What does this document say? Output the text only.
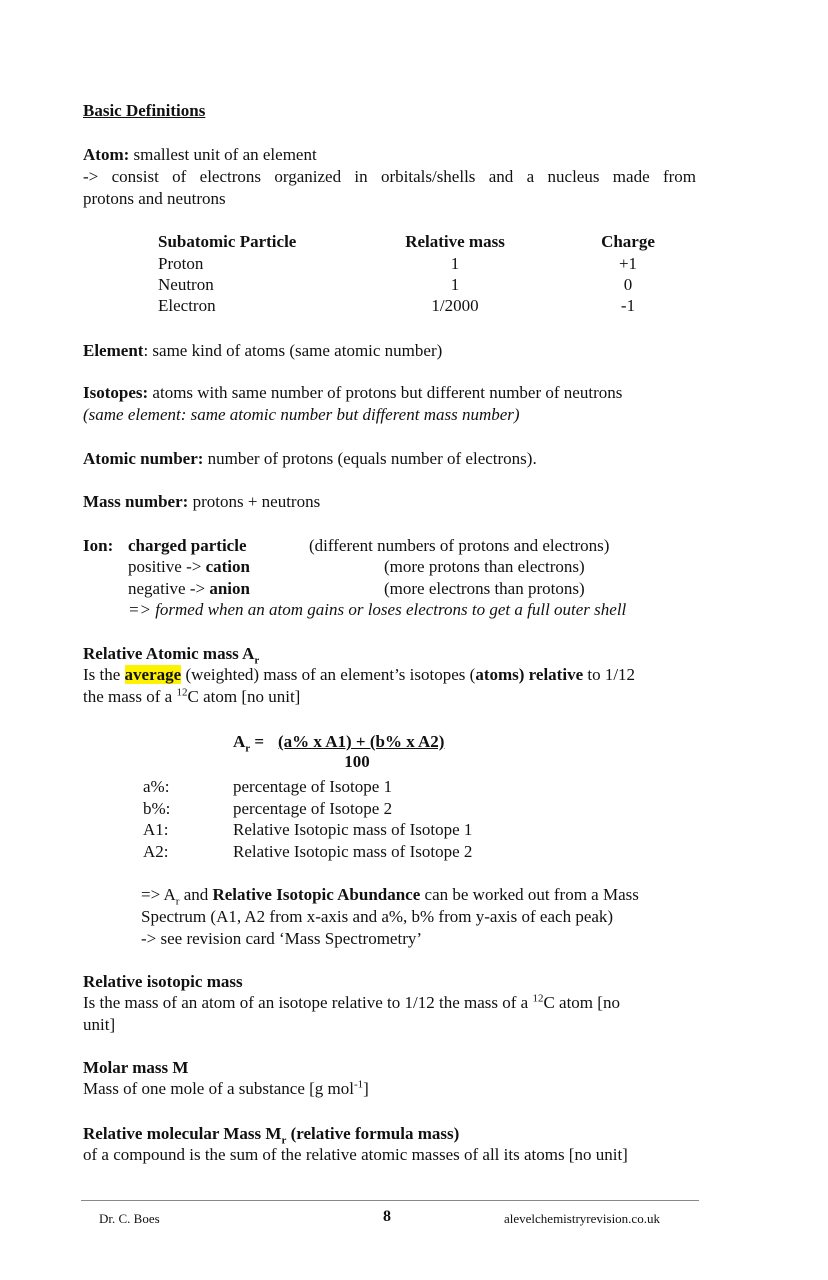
Basic Definitions
Atom: smallest unit of an element
-> consist of electrons organized in orbitals/shells and a nucleus made from
protons and neutrons
Subatomic Particle	Relative mass	Charge
Proton	1	+1
Neutron	1	0
Electron	1/2000	-1
Element: same kind of atoms (same atomic number)
Isotopes: atoms with same number of protons but different number of neutrons
(same element: same atomic number but different mass number)
Atomic number: number of protons (equals number of electrons).
Mass number: protons + neutrons
Ion: charged particle	(different numbers of protons and electrons)
positive -> cation	(more protons than electrons)
negative -> anion	(more electrons than protons)
=> formed when an atom gains or loses electrons to get a full outer shell
Relative Atomic mass $A_r$
Is the average (weighted) mass of an element’s isotopes (atoms) relative to 1/12
the mass of a $^{12}$C atom [no unit]
$A_r = (a\%$ x A1) + (b% x A2)
100
a%:	percentage of Isotope 1
b%:	percentage of Isotope 2
A1:	Relative Isotopic mass of Isotope 1
A2:	Relative Isotopic mass of Isotope 2
=> $A_r$ and Relative Isotopic Abundance can be worked out from a Mass
Spectrum (A1, A2 from x-axis and a%, b% from y-axis of each peak)
-> see revision card ‘Mass Spectrometry’
Relative isotopic mass
Is the mass of an atom of an isotope relative to 1/12 the mass of a $^{12}$C atom [no
unit]
Molar mass M
Mass of one mole of a substance [g mol$^{-1}$]
Relative molecular Mass $M_r$ (relative formula mass)
of a compound is the sum of the relative atomic masses of all its atoms [no unit]
Dr. C. Boes	8	alevelchemistryrevision.co.uk
